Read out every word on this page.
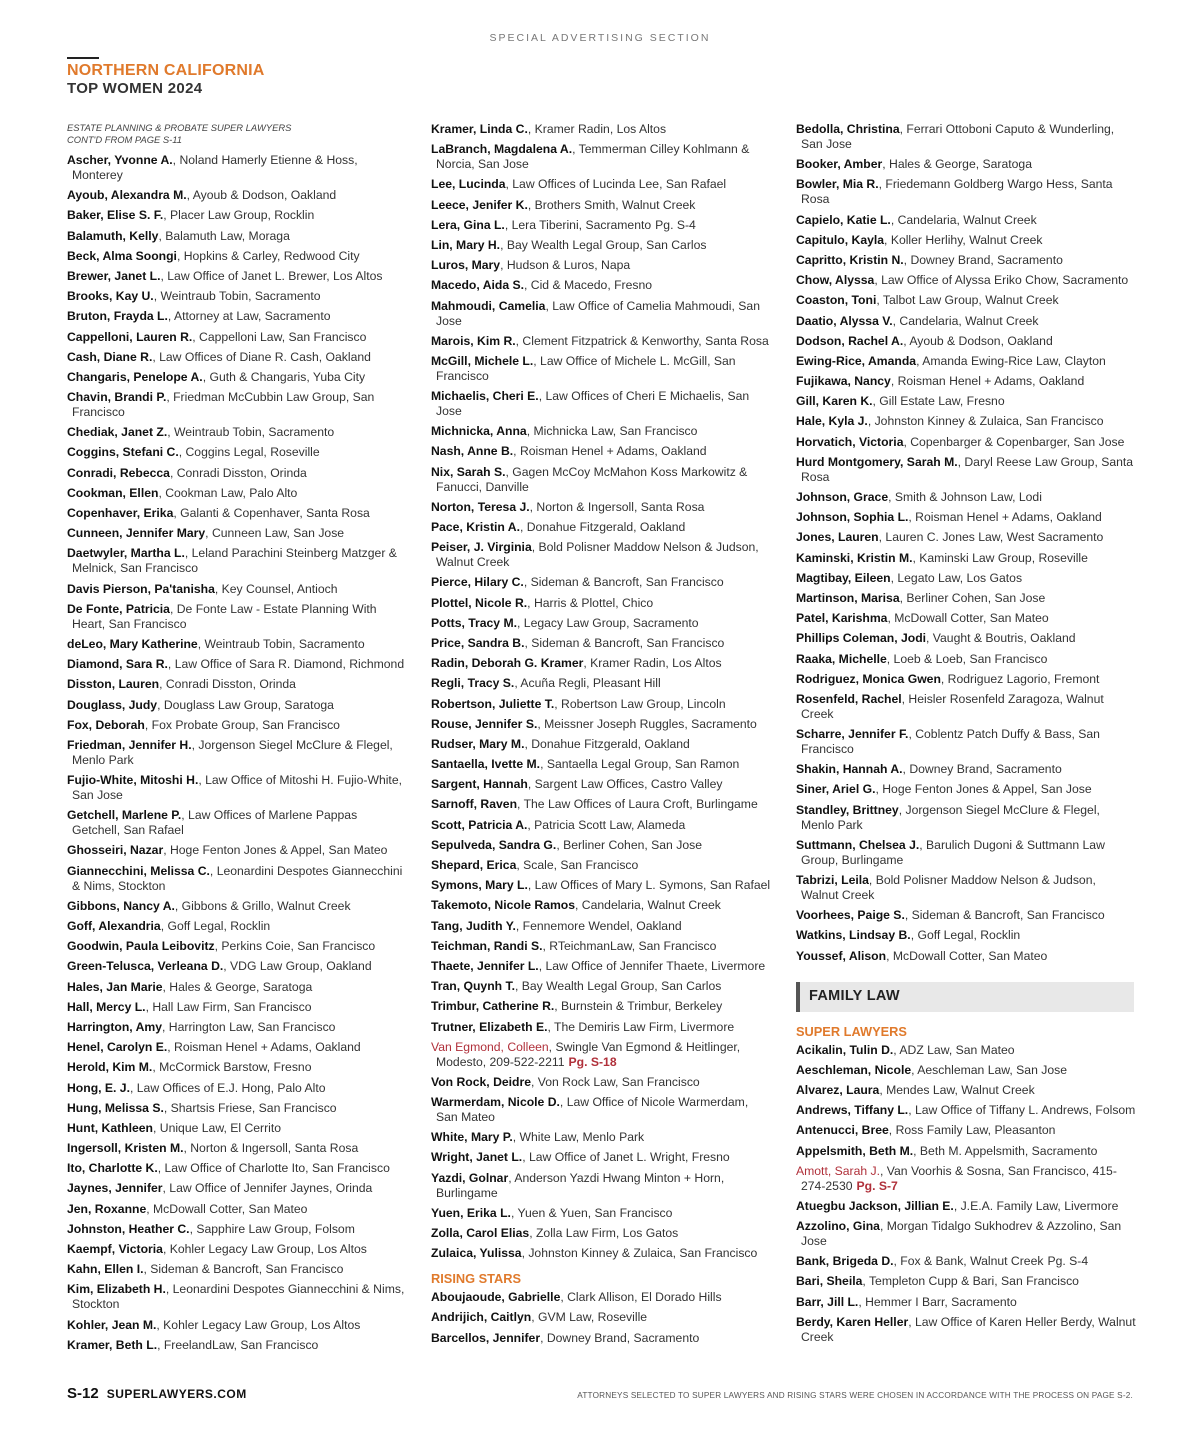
SPECIAL ADVERTISING SECTION
NORTHERN CALIFORNIA
TOP WOMEN 2024
ESTATE PLANNING & PROBATE SUPER LAWYERS
CONT'D FROM PAGE S-11
Ascher, Yvonne A., Noland Hamerly Etienne & Hoss, Monterey
Ayoub, Alexandra M., Ayoub & Dodson, Oakland
Baker, Elise S. F., Placer Law Group, Rocklin
Balamuth, Kelly, Balamuth Law, Moraga
Beck, Alma Soongi, Hopkins & Carley, Redwood City
Brewer, Janet L., Law Office of Janet L. Brewer, Los Altos
Brooks, Kay U., Weintraub Tobin, Sacramento
Bruton, Frayda L., Attorney at Law, Sacramento
Cappelloni, Lauren R., Cappelloni Law, San Francisco
Cash, Diane R., Law Offices of Diane R. Cash, Oakland
Changaris, Penelope A., Guth & Changaris, Yuba City
Chavin, Brandi P., Friedman McCubbin Law Group, San Francisco
Chediak, Janet Z., Weintraub Tobin, Sacramento
Coggins, Stefani C., Coggins Legal, Roseville
Conradi, Rebecca, Conradi Disston, Orinda
Cookman, Ellen, Cookman Law, Palo Alto
Copenhaver, Erika, Galanti & Copenhaver, Santa Rosa
Cunneen, Jennifer Mary, Cunneen Law, San Jose
Daetwyler, Martha L., Leland Parachini Steinberg Matzger & Melnick, San Francisco
Davis Pierson, Pa'tanisha, Key Counsel, Antioch
De Fonte, Patricia, De Fonte Law - Estate Planning With Heart, San Francisco
deLeo, Mary Katherine, Weintraub Tobin, Sacramento
Diamond, Sara R., Law Office of Sara R. Diamond, Richmond
Disston, Lauren, Conradi Disston, Orinda
Douglass, Judy, Douglass Law Group, Saratoga
Fox, Deborah, Fox Probate Group, San Francisco
Friedman, Jennifer H., Jorgenson Siegel McClure & Flegel, Menlo Park
Fujio-White, Mitoshi H., Law Office of Mitoshi H. Fujio-White, San Jose
Getchell, Marlene P., Law Offices of Marlene Pappas Getchell, San Rafael
Ghosseiri, Nazar, Hoge Fenton Jones & Appel, San Mateo
Giannecchini, Melissa C., Leonardini Despotes Giannecchini & Nims, Stockton
Gibbons, Nancy A., Gibbons & Grillo, Walnut Creek
Goff, Alexandria, Goff Legal, Rocklin
Goodwin, Paula Leibovitz, Perkins Coie, San Francisco
Green-Telusca, Verleana D., VDG Law Group, Oakland
Hales, Jan Marie, Hales & George, Saratoga
Hall, Mercy L., Hall Law Firm, San Francisco
Harrington, Amy, Harrington Law, San Francisco
Henel, Carolyn E., Roisman Henel + Adams, Oakland
Herold, Kim M., McCormick Barstow, Fresno
Hong, E. J., Law Offices of E.J. Hong, Palo Alto
Hung, Melissa S., Shartsis Friese, San Francisco
Hunt, Kathleen, Unique Law, El Cerrito
Ingersoll, Kristen M., Norton & Ingersoll, Santa Rosa
Ito, Charlotte K., Law Office of Charlotte Ito, San Francisco
Jaynes, Jennifer, Law Office of Jennifer Jaynes, Orinda
Jen, Roxanne, McDowall Cotter, San Mateo
Johnston, Heather C., Sapphire Law Group, Folsom
Kaempf, Victoria, Kohler Legacy Law Group, Los Altos
Kahn, Ellen I., Sideman & Bancroft, San Francisco
Kim, Elizabeth H., Leonardini Despotes Giannecchini & Nims, Stockton
Kohler, Jean M., Kohler Legacy Law Group, Los Altos
Kramer, Beth L., FreelandLaw, San Francisco
Kramer, Linda C., Kramer Radin, Los Altos
LaBranch, Magdalena A., Temmerman Cilley Kohlmann & Norcia, San Jose
Lee, Lucinda, Law Offices of Lucinda Lee, San Rafael
Leece, Jenifer K., Brothers Smith, Walnut Creek
Lera, Gina L., Lera Tiberini, Sacramento Pg. S-4
Lin, Mary H., Bay Wealth Legal Group, San Carlos
Luros, Mary, Hudson & Luros, Napa
Macedo, Aida S., Cid & Macedo, Fresno
Mahmoudi, Camelia, Law Office of Camelia Mahmoudi, San Jose
Marois, Kim R., Clement Fitzpatrick & Kenworthy, Santa Rosa
McGill, Michele L., Law Office of Michele L. McGill, San Francisco
Michaelis, Cheri E., Law Offices of Cheri E Michaelis, San Jose
Michnicka, Anna, Michnicka Law, San Francisco
Nash, Anne B., Roisman Henel + Adams, Oakland
Nix, Sarah S., Gagen McCoy McMahon Koss Markowitz & Fanucci, Danville
Norton, Teresa J., Norton & Ingersoll, Santa Rosa
Pace, Kristin A., Donahue Fitzgerald, Oakland
Peiser, J. Virginia, Bold Polisner Maddow Nelson & Judson, Walnut Creek
Pierce, Hilary C., Sideman & Bancroft, San Francisco
Plottel, Nicole R., Harris & Plottel, Chico
Potts, Tracy M., Legacy Law Group, Sacramento
Price, Sandra B., Sideman & Bancroft, San Francisco
Radin, Deborah G. Kramer, Kramer Radin, Los Altos
Regli, Tracy S., Acuña Regli, Pleasant Hill
Robertson, Juliette T., Robertson Law Group, Lincoln
Rouse, Jennifer S., Meissner Joseph Ruggles, Sacramento
Rudser, Mary M., Donahue Fitzgerald, Oakland
Santaella, Ivette M., Santaella Legal Group, San Ramon
Sargent, Hannah, Sargent Law Offices, Castro Valley
Sarnoff, Raven, The Law Offices of Laura Croft, Burlingame
Scott, Patricia A., Patricia Scott Law, Alameda
Sepulveda, Sandra G., Berliner Cohen, San Jose
Shepard, Erica, Scale, San Francisco
Symons, Mary L., Law Offices of Mary L. Symons, San Rafael
Takemoto, Nicole Ramos, Candelaria, Walnut Creek
Tang, Judith Y., Fennemore Wendel, Oakland
Teichman, Randi S., RTeichmanLaw, San Francisco
Thaete, Jennifer L., Law Office of Jennifer Thaete, Livermore
Tran, Quynh T., Bay Wealth Legal Group, San Carlos
Trimbur, Catherine R., Burnstein & Trimbur, Berkeley
Trutner, Elizabeth E., The Demiris Law Firm, Livermore
Van Egmond, Colleen, Swingle Van Egmond & Heitlinger, Modesto, 209-522-2211 Pg. S-18
Von Rock, Deidre, Von Rock Law, San Francisco
Warmerdam, Nicole D., Law Office of Nicole Warmerdam, San Mateo
White, Mary P., White Law, Menlo Park
Wright, Janet L., Law Office of Janet L. Wright, Fresno
Yazdi, Golnar, Anderson Yazdi Hwang Minton + Horn, Burlingame
Yuen, Erika L., Yuen & Yuen, San Francisco
Zolla, Carol Elias, Zolla Law Firm, Los Gatos
Zulaica, Yulissa, Johnston Kinney & Zulaica, San Francisco
RISING STARS
Aboujaoude, Gabrielle, Clark Allison, El Dorado Hills
Andrijich, Caitlyn, GVM Law, Roseville
Barcellos, Jennifer, Downey Brand, Sacramento
Bedolla, Christina, Ferrari Ottoboni Caputo & Wunderling, San Jose
Booker, Amber, Hales & George, Saratoga
Bowler, Mia R., Friedemann Goldberg Wargo Hess, Santa Rosa
Capielo, Katie L., Candelaria, Walnut Creek
Capitulo, Kayla, Koller Herlihy, Walnut Creek
Capritto, Kristin N., Downey Brand, Sacramento
Chow, Alyssa, Law Office of Alyssa Eriko Chow, Sacramento
Coaston, Toni, Talbot Law Group, Walnut Creek
Daatio, Alyssa V., Candelaria, Walnut Creek
Dodson, Rachel A., Ayoub & Dodson, Oakland
Ewing-Rice, Amanda, Amanda Ewing-Rice Law, Clayton
Fujikawa, Nancy, Roisman Henel + Adams, Oakland
Gill, Karen K., Gill Estate Law, Fresno
Hale, Kyla J., Johnston Kinney & Zulaica, San Francisco
Horvatich, Victoria, Copenbarger & Copenbarger, San Jose
Hurd Montgomery, Sarah M., Daryl Reese Law Group, Santa Rosa
Johnson, Grace, Smith & Johnson Law, Lodi
Johnson, Sophia L., Roisman Henel + Adams, Oakland
Jones, Lauren, Lauren C. Jones Law, West Sacramento
Kaminski, Kristin M., Kaminski Law Group, Roseville
Magtibay, Eileen, Legato Law, Los Gatos
Martinson, Marisa, Berliner Cohen, San Jose
Patel, Karishma, McDowall Cotter, San Mateo
Phillips Coleman, Jodi, Vaught & Boutris, Oakland
Raaka, Michelle, Loeb & Loeb, San Francisco
Rodriguez, Monica Gwen, Rodriguez Lagorio, Fremont
Rosenfeld, Rachel, Heisler Rosenfeld Zaragoza, Walnut Creek
Scharre, Jennifer F., Coblentz Patch Duffy & Bass, San Francisco
Shakin, Hannah A., Downey Brand, Sacramento
Siner, Ariel G., Hoge Fenton Jones & Appel, San Jose
Standley, Brittney, Jorgenson Siegel McClure & Flegel, Menlo Park
Suttmann, Chelsea J., Barulich Dugoni & Suttmann Law Group, Burlingame
Tabrizi, Leila, Bold Polisner Maddow Nelson & Judson, Walnut Creek
Voorhees, Paige S., Sideman & Bancroft, San Francisco
Watkins, Lindsay B., Goff Legal, Rocklin
Youssef, Alison, McDowall Cotter, San Mateo
FAMILY LAW
SUPER LAWYERS
Acikalin, Tulin D., ADZ Law, San Mateo
Aeschleman, Nicole, Aeschleman Law, San Jose
Alvarez, Laura, Mendes Law, Walnut Creek
Andrews, Tiffany L., Law Office of Tiffany L. Andrews, Folsom
Antenucci, Bree, Ross Family Law, Pleasanton
Appelsmith, Beth M., Beth M. Appelsmith, Sacramento
Amott, Sarah J., Van Voorhis & Sosna, San Francisco, 415-274-2530 Pg. S-7
Atuegbu Jackson, Jillian E., J.E.A. Family Law, Livermore
Azzolino, Gina, Morgan Tidalgo Sukhodrev & Azzolino, San Jose
Bank, Brigeda D., Fox & Bank, Walnut Creek Pg. S-4
Bari, Sheila, Templeton Cupp & Bari, San Francisco
Barr, Jill L., Hemmer I Barr, Sacramento
Berdy, Karen Heller, Law Office of Karen Heller Berdy, Walnut Creek
S-12 SUPERLAWYERS.COM	ATTORNEYS SELECTED TO SUPER LAWYERS AND RISING STARS WERE CHOSEN IN ACCORDANCE WITH THE PROCESS ON PAGE S-2.
